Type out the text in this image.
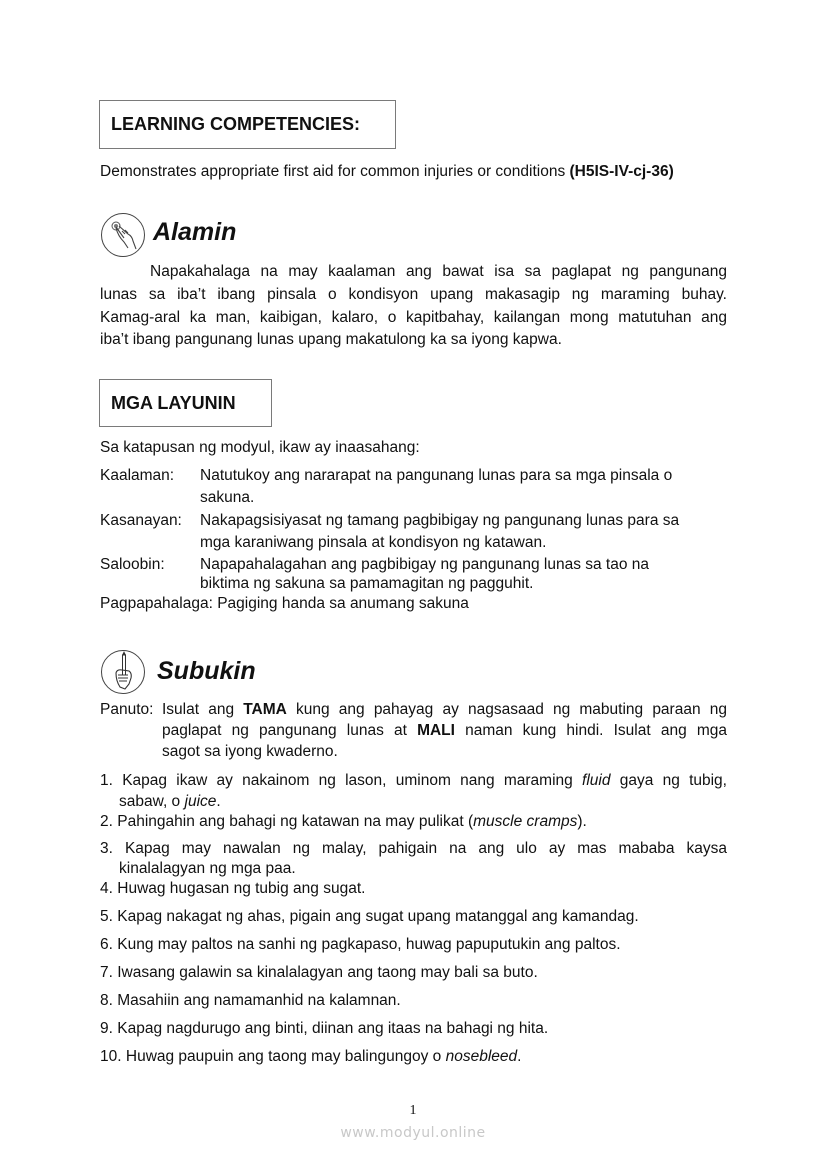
LEARNING COMPETENCIES:
Demonstrates appropriate first aid for common injuries or conditions (H5IS-IV-cj-36)
Alamin
Napakahalaga na may kaalaman ang bawat isa sa paglapat ng pangunang
lunas sa iba’t ibang pinsala o kondisyon upang makasagip ng maraming buhay.
Kamag-aral ka man, kaibigan, kalaro, o kapitbahay, kailangan mong matutuhan ang
iba’t ibang pangunang lunas upang makatulong ka sa iyong kapwa.
MGA LAYUNIN
Sa katapusan ng modyul, ikaw ay inaasahang:
Kaalaman: Natutukoy ang nararapat na pangunang lunas para sa mga pinsala o
sakuna.
Kasanayan: Nakapagsisiyasat ng tamang pagbibigay ng pangunang lunas para sa
mga karaniwang pinsala at kondisyon ng katawan.
Saloobin: Napapahalagahan ang pagbibigay ng pangunang lunas sa tao na
biktima ng sakuna sa pamamagitan ng pagguhit.
Pagpapahalaga: Pagiging handa sa anumang sakuna
Subukin
Panuto: Isulat ang TAMA kung ang pahayag ay nagsasaad ng mabuting paraan ng
paglapat ng pangunang lunas at MALI naman kung hindi. Isulat ang mga
sagot sa iyong kwaderno.
1. Kapag ikaw ay nakainom ng lason, uminom nang maraming fluid gaya ng tubig,
sabaw, o juice.
2. Pahingahin ang bahagi ng katawan na may pulikat (muscle cramps).
3. Kapag may nawalan ng malay, pahigain na ang ulo ay mas mababa kaysa
kinalalagyan ng mga paa.
4. Huwag hugasan ng tubig ang sugat.
5. Kapag nakagat ng ahas, pigain ang sugat upang matanggal ang kamandag.
6. Kung may paltos na sanhi ng pagkapaso, huwag papuputukin ang paltos.
7. Iwasang galawin sa kinalalagyan ang taong may bali sa buto.
8. Masahiin ang namamanhid na kalamnan.
9. Kapag nagdurugo ang binti, diinan ang itaas na bahagi ng hita.
10. Huwag paupuin ang taong may balingungoy o nosebleed.
1
www.modyul.online
